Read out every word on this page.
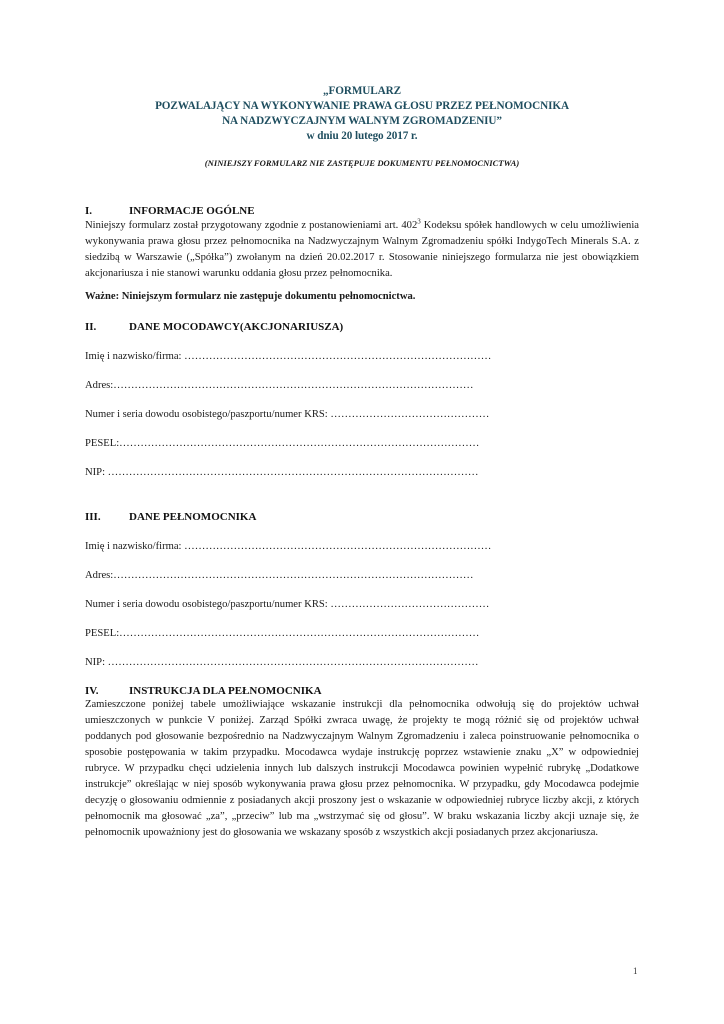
„FORMULARZ
POZWALAJĄCY NA WYKONYWANIE PRAWA GŁOSU PRZEZ PEŁNOMOCNIKA
NA NADZWYCZAJNYM WALNYM ZGROMADZENIU”
w dniu 20 lutego 2017 r.
(NINIEJSZY FORMULARZ NIE ZASTĘPUJE DOKUMENTU PEŁNOMOCNICTWA)
I.	INFORMACJE OGÓLNE
Niniejszy formularz został przygotowany zgodnie z postanowieniami art. $402^3$ Kodeksu spółek handlowych w celu umożliwienia wykonywania prawa głosu przez pełnomocnika na Nadzwyczajnym Walnym Zgromadzeniu spółki IndygoTech Minerals S.A. z siedzibą w Warszawie („Spółka”) zwołanym na dzień 20.02.2017 r. Stosowanie niniejszego formularza nie jest obowiązkiem akcjonariusza i nie stanowi warunku oddania głosu przez pełnomocnika.
Ważne: Niniejszym formularz nie zastępuje dokumentu pełnomocnictwa.
II.	DANE MOCODAWCY(AKCJONARIUSZA)
Imię i nazwisko/firma: ……………………………………………………………………………
Adres:…………………………………………………………………………………………
Numer i seria dowodu osobistego/paszportu/numer KRS: ………………………………………
PESEL:…………………………………………………………………………………………
NIP: ……………………………………………………………………………………………
III.	DANE PEŁNOMOCNIKA
Imię i nazwisko/firma: ……………………………………………………………………………
Adres:…………………………………………………………………………………………
Numer i seria dowodu osobistego/paszportu/numer KRS: ………………………………………
PESEL:…………………………………………………………………………………………
NIP: ……………………………………………………………………………………………
IV.	INSTRUKCJA DLA PEŁNOMOCNIKA
Zamieszczone poniżej tabele umożliwiające wskazanie instrukcji dla pełnomocnika odwołują się do projektów uchwał umieszczonych w punkcie V poniżej. Zarząd Spółki zwraca uwagę, że projekty te mogą różnić się od projektów uchwał poddanych pod głosowanie bezpośrednio na Nadzwyczajnym Walnym Zgromadzeniu i zaleca poinstruowanie pełnomocnika o sposobie postępowania w takim przypadku. Mocodawca wydaje instrukcję poprzez wstawienie znaku „X” w odpowiedniej rubryce. W przypadku chęci udzielenia innych lub dalszych instrukcji Mocodawca powinien wypełnić rubrykę „Dodatkowe instrukcje” określając w niej sposób wykonywania prawa głosu przez pełnomocnika. W przypadku, gdy Mocodawca podejmie decyzję o głosowaniu odmiennie z posiadanych akcji proszony jest o wskazanie w odpowiedniej rubryce liczby akcji, z których pełnomocnik ma głosować „za”, „przeciw” lub ma „wstrzymać się od głosu”. W braku wskazania liczby akcji uznaje się, że pełnomocnik upoważniony jest do głosowania we wskazany sposób z wszystkich akcji posiadanych przez akcjonariusza.
1
